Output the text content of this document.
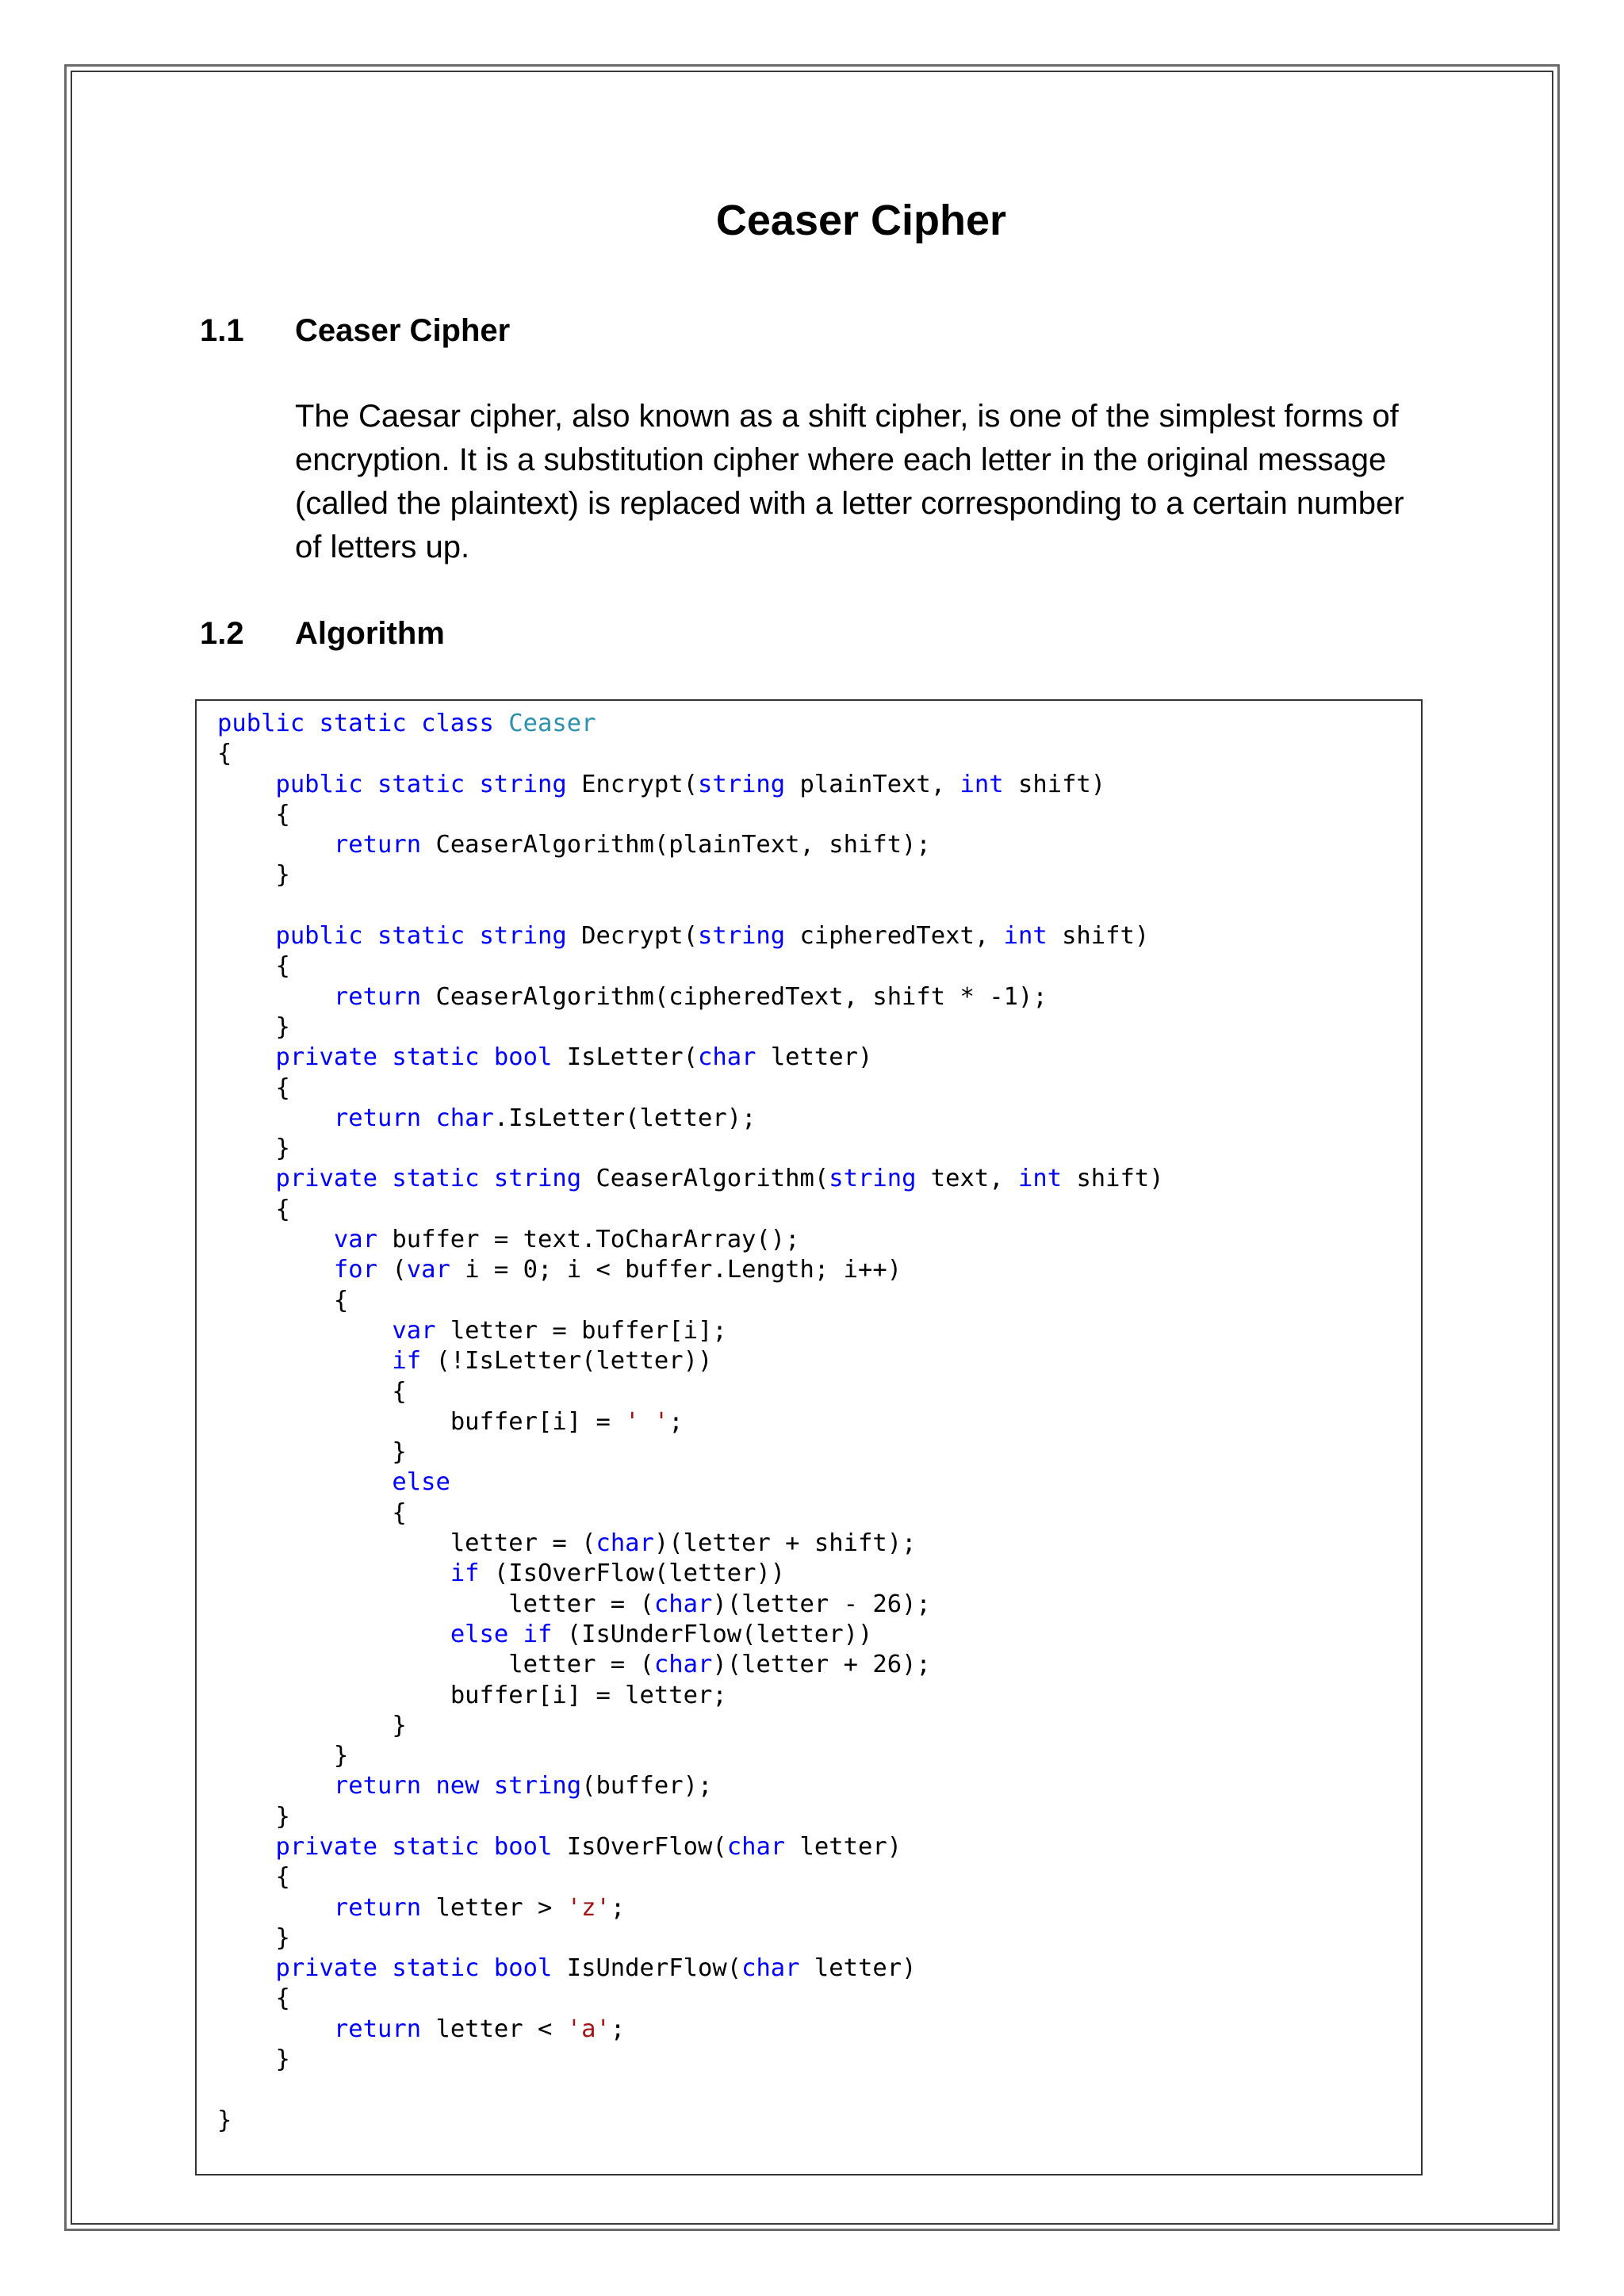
Ceaser Cipher
1.1	Ceaser Cipher

The Caesar cipher, also known as a shift cipher, is one of the simplest forms of encryption. It is a substitution cipher where each letter in the original message (called the plaintext) is replaced with a letter corresponding to a certain number of letters up.

1.2	Algorithm
public static class Ceaser
{
	public static string Encrypt(string plainText, int shift)
	{
		return CeaserAlgorithm(plainText, shift);
	}
	public static string Decrypt(string cipheredText, int shift)
	{
		return CeaserAlgorithm(cipheredText, shift * -1);
	}
	private static bool IsLetter(char letter)
	{
		return char.IsLetter(letter);
	}
	private static string CeaserAlgorithm(string text, int shift)
	{
		var buffer = text.ToCharArray();
		for (var i = 0; i < buffer.Length; i++)
		{
			var letter = buffer[i];
			if (!IsLetter(letter))
			{
				buffer[i] = ' ';
			}
			else
			{
				letter = (char)(letter + shift);
				if (IsOverFlow(letter))
					letter = (char)(letter - 26);
				else if (IsUnderFlow(letter))
					letter = (char)(letter + 26);
				buffer[i] = letter;
			}
		}
		return new string(buffer);
	}
	private static bool IsOverFlow(char letter)
	{
		return letter > 'z';
	}
	private static bool IsUnderFlow(char letter)
	{
		return letter < 'a';
	}
}
